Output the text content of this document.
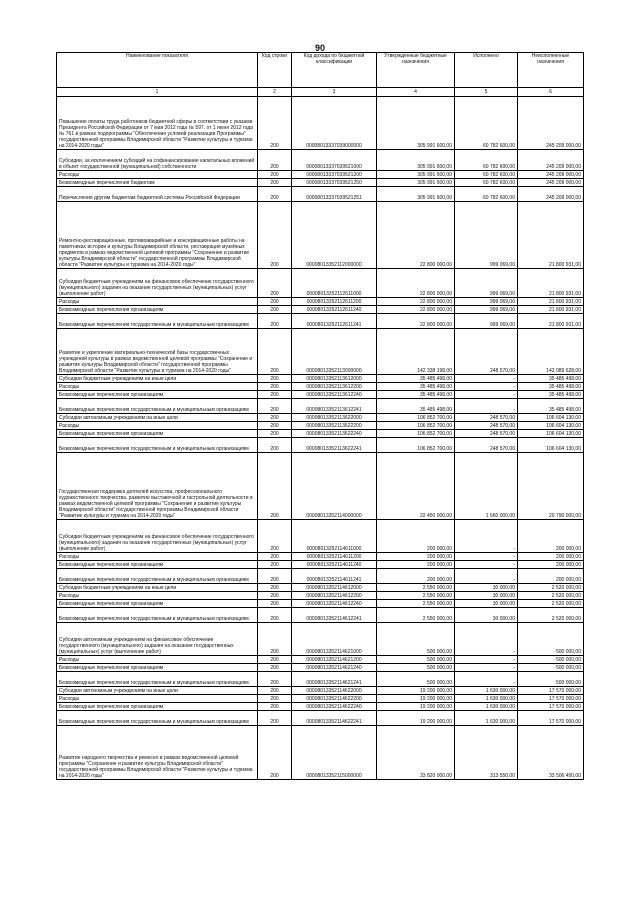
90
Наименование показателя	Код строки	Код дохода по бюджетной классификации	Утвержденные бюджетные назначения	Исполнено	Неисполненные назначения
1	2	3	4	5	6
Повышение оплаты труда работников бюджетной сферы в соответствии с указами Президента Российской Федерации от 7 мая 2012 года № 597, от 1 июня 2012 года № 761 в рамках подпрограммы "Обеспечение условий реализации Программы" государственной программы Владимирской области "Развитие культуры и туризма на 2014-2020 годы"	200	00008013337039000000	305 991 600,00	60 782 600,00	245 209 000,00
Субсидии, за исключением субсидий на софинансирование капитальных вложений в объект государственной (муниципальной) собственности	200	00008013337039521000	305 991 600,00	60 782 600,00	245 209 000,00
Расходы	200	00008013337039521200	305 991 600,00	60 782 600,00	245 209 000,00
Безвозмездные перечисления бюджетам	200	00008013337039521250	305 991 600,00	60 782 600,00	245 209 000,00
Перечисления другим бюджетам бюджетной системы Российской Федерации	200	00008013337039521251	305 991 600,00	60 782 600,00	245 209 000,00
Ремонтно-реставрационные, противоаварийные и консервационные работы на памятниках истории и культуры Владимирской области, реставрация музейных предметов в рамках ведомственной целевой программы "Сохранение и развитие культуры Владимирской области" государственной программы Владимирской области "Развитие культуры и туризма на 2014-2020 годы"	200	00008013352112000000	22 800 000,00	999 069,00	21 800 931,00
Субсидии бюджетным учреждениям на финансовое обеспечение государственного (муниципального) задания на оказание государственных (муниципальных) услуг (выполнение работ)	200	00008013352112611000	22 800 000,00	999 069,00	21 800 931,00
Расходы	200	00008013352112611200	22 800 000,00	999 069,00	21 800 931,00
Безвозмездные перечисления организациям	200	00008013352112611240	22 800 000,00	999 069,00	21 800 931,00
Безвозмездные перечисления государственным и муниципальным организациям	200	00008013352112611241	22 800 000,00	999 069,00	21 800 931,00
Развитие и укрепление материально-технической базы государственных учреждений культуры в рамках ведомственной целевой программы "Сохранение и развитие культуры Владимирской области" государственной программы Владимирской области "Развитие культуры и туризма на 2014-2020 годы"	200	00008013352113000000	142 338 198,00	248 570,00	142 089 628,00
Субсидии бюджетным учреждениям на иные цели	200	00008013352113612000	35 485 498,00	-	35 485 498,00
Расходы	200	00008013352113612200	35 485 498,00	-	35 485 498,00
Безвозмездные перечисления организациям	200	00008013352113612240	35 485 498,00	-	35 485 498,00
Безвозмездные перечисления государственным и муниципальным организациям	200	00008013352113612241	35 485 498,00	-	35 485 498,00
Субсидии автономным учреждениям на иные цели	200	00008013352113622000	106 852 700,00	248 570,00	106 604 130,00
Расходы	200	00008013352113622200	106 852 700,00	248 570,00	106 604 130,00
Безвозмездные перечисления организациям	200	00008013352113622240	106 852 700,00	248 570,00	106 604 130,00
Безвозмездные перечисления государственным и муниципальным организациям	200	00008013352113622241	106 852 700,00	248 570,00	106 604 130,00
Государственная поддержка деятелей искусства, профессионального художественного творчества, развитие выставочной и гастрольной деятельности в рамках ведомственной целевой программы "Сохранение и развитие культуры Владимирской области" государственной программы Владимирской области "Развитие культуры и туризма на 2014-2020 годы"	200	00008013352114000000	22 450 000,00	1 660 000,00	20 790 000,00
Субсидии бюджетным учреждениям на финансовое обеспечение государственного (муниципального) задания на оказание государственных (муниципальных) услуг (выполнение работ)	200	00008013352114611000	200 000,00	-	200 000,00
Расходы	200	00008013352114611200	200 000,00	-	200 000,00
Безвозмездные перечисления организациям	200	00008013352114611240	200 000,00	-	200 000,00
Безвозмездные перечисления государственным и муниципальным организациям	200	00008013352114611241	200 000,00	-	200 000,00
Субсидии бюджетным учреждениям на иные цели	200	00008013352114612000	2 550 000,00	30 000,00	2 520 000,00
Расходы	200	00008013352114612200	2 550 000,00	30 000,00	2 520 000,00
Безвозмездные перечисления организациям	200	00008013352114612240	2 550 000,00	30 000,00	2 520 000,00
Безвозмездные перечисления государственным и муниципальным организациям	200	00008013352114612241	2 550 000,00	30 000,00	2 520 000,00
Субсидии автономным учреждениям на финансовое обеспечение государственного (муниципального) задания на оказание государственных (муниципальных) услуг (выполнение работ)	200	00008013352114621000	500 000,00	-	500 000,00
Расходы	200	00008013352114621200	500 000,00	-	500 000,00
Безвозмездные перечисления организациям	200	00008013352114621240	500 000,00	-	500 000,00
Безвозмездные перечисления государственным и муниципальным организациям	200	00008013352114621241	500 000,00	-	500 000,00
Субсидии автономным учреждениям на иные цели	200	00008013352114622000	19 200 000,00	1 630 000,00	17 570 000,00
Расходы	200	00008013352114622200	19 200 000,00	1 630 000,00	17 570 000,00
Безвозмездные перечисления организациям	200	00008013352114622240	19 200 000,00	1 630 000,00	17 570 000,00
Безвозмездные перечисления государственным и муниципальным организациям	200	00008013352114622241	19 200 000,00	1 630 000,00	17 570 000,00
Развитие народного творчества и ремесел в рамках ведомственной целевой программы "Сохранение и развитие культуры Владимирской области" государственной программы Владимирской области "Развитие культуры и туризма на 2014-2020 годы"	200	00008013352115000000	33 820 000,00	313 550,00	33 506 450,00
